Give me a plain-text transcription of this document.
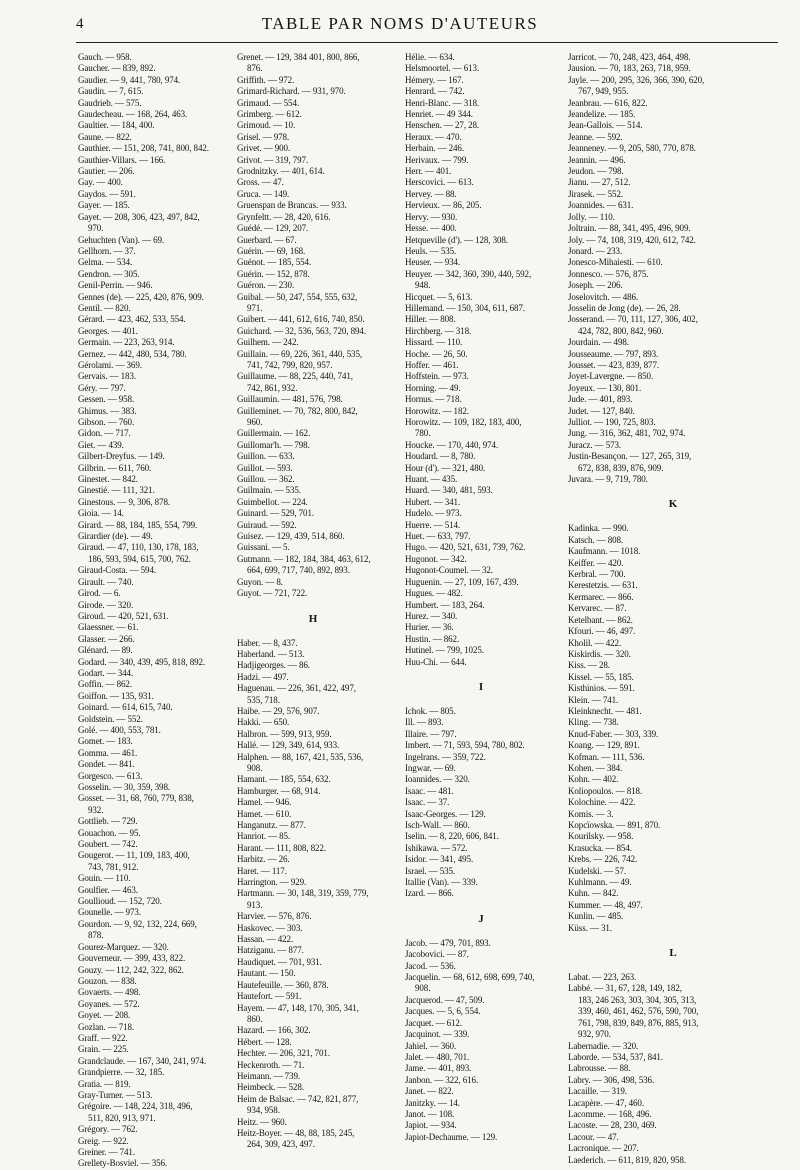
4	TABLE PAR NOMS D'AUTEURS
Gauch. — 958.
Gaucher. — 839, 892.
Gaudier. — 9, 441, 780, 974.
Gaudin. — 7, 615.
Gaudrieb. — 575.
Gaudecheau. — 168, 264, 463.
Gaultier. — 184, 400.
Gaune. — 822.
Gauthier. — 151, 208, 741, 800, 842.
Gauthier-Villars. — 166.
Gautier. — 206.
Gay. — 400.
Gaydos. — 591.
Gayer. — 185.
Gayet. — 208, 306, 423, 497, 842,
970.
Gehuchten (Van). — 69.
Gellhorn. — 37.
Gelma. — 534.
Gendron. — 305.
Genil-Perrin. — 946.
Gennes (de). — 225, 420, 876, 909.
Gentil. — 820.
Gérard. — 423, 462, 533, 554.
Georges. — 401.
Germain. — 223, 263, 914.
Gernez. — 442, 480, 534, 780.
Gérolami. — 369.
Gervais. — 183.
Géry. — 797.
Gessen. — 958.
Ghimus. — 383.
Gibson. — 760.
Gidon. — 717.
Giet. — 439.
Gilbert-Dreyfus. — 149.
Gilbrin. — 611, 760.
Ginestet. — 842.
Ginestié. — 111, 321.
Ginestous. — 9, 306, 878.
Gioia. — 14.
Girard. — 88, 184, 185, 554, 799.
Girardier (de). — 49.
Giraud. — 47, 110, 130, 178, 183,
186, 593, 594, 615, 700, 762.
Giraud-Costa. — 594.
Girault. — 740.
Girod. — 6.
Girode. — 320.
Giroud. — 420, 521, 631.
Glaessner. — 61.
Glasser. — 266.
Glénard. — 89.
Godard. — 340, 439, 495, 818, 892.
Godart. — 344.
Goffin. — 862.
Goiffon. — 135, 931.
Goinard. — 614, 615, 740.
Goldstein. — 552.
Golé. — 400, 553, 781.
Gomet. — 183.
Gomma. — 461.
Gondet. — 841.
Gorgesco. — 613.
Gosselin. — 30, 359, 398.
Gosset. — 31, 68, 760, 779, 838,
932.
Gottlieb. — 729.
Gouachon. — 95.
Goubert. — 742.
Gougerot. — 11, 109, 183, 400,
743, 781, 912.
Gouin. — 110.
Goulfier. — 463.
Goullioud. — 152, 720.
Gounelle. — 973.
Gourdon. — 9, 92, 132, 224, 669,
878.
Gourez-Marquez. — 320.
Gouverneur. — 399, 433, 822.
Gouzy. — 112, 242, 322, 862.
Gouzon. — 838.
Govaerts. — 498.
Goyanes. — 572.
Goyet. — 208.
Gozlan. — 718.
Graff. — 922.
Grain. — 225.
Grandclaude. — 167, 340, 241, 974.
Grandpierre. — 32, 185.
Gratia. — 819.
Gray-Turner. — 513.
Grégoire. — 148, 224, 318, 496,
511, 820, 913, 971.
Grégory. — 762.
Greig. — 922.
Greiner. — 741.
Grellety-Bosviel. — 356.
Grenet. — 129, 384 401, 800, 866,
876.
Griffith. — 972.
Grimard-Richard. — 931, 970.
Grimaud. — 554.
Grimberg. — 612.
Grimoud. — 10.
Grisel. — 978.
Grivet. — 900.
Grivot. — 319, 797.
Grodnitzky. — 401, 614.
Gross. — 47.
Gruca. — 149.
Gruenspan de Brancas. — 933.
Grynfeltt. — 28, 420, 616.
Guédé. — 129, 207.
Guerbard. — 67.
Guérin. — 69, 168.
Guénot. — 185, 554.
Guérin. — 152, 878.
Guéron. — 230.
Guibal. — 50, 247, 554, 555, 632,
971.
Guibert. — 441, 612, 616, 740, 850.
Guichard. — 32, 536, 563, 720, 894.
Guilhem. — 242.
Guillain. — 69, 226, 361, 440, 535,
741, 742, 799, 820, 957.
Guillaume. — 88, 225, 440, 741,
742, 861, 932.
Guillaumin. — 481, 576, 798.
Guilleminet. — 70, 782, 800, 842,
960.
Guillermain. — 162.
Guillomar'h. — 798.
Guillon. — 633.
Guillot. — 593.
Guillou. — 362.
Guilmain. — 535.
Guimbellot. — 224.
Guinard. — 529, 701.
Guiraud. — 592.
Guisez. — 129, 439, 514, 860.
Guissani. — 5.
Gutmann. — 182, 184, 384, 463, 612,
664, 699, 717, 740, 892, 893.
Guyon. — 8.
Guyot. — 721, 722.
H
Haber. — 8, 437.
Haberland. — 513.
Hadjigeorges. — 86.
Hadzi. — 497.
Haguenau. — 226, 361, 422, 497,
535, 718.
Haibe. — 29, 576, 907.
Hakki. — 650.
Halbron. — 599, 913, 959.
Hallé. — 129, 349, 614, 933.
Halphen. — 88, 167, 421, 535, 536,
908.
Hamant. — 185, 554, 632.
Hamburger. — 68, 914.
Hamel. — 946.
Hamet. — 610.
Hanganutz. — 877.
Hanriot. — 85.
Harant. — 111, 808, 822.
Harbitz. — 26.
Haret. — 117.
Harrington. — 929.
Hartmann. — 30, 148, 319, 359, 779,
913.
Harvier. — 576, 876.
Haskovec. — 303.
Hassan. — 422.
Hatziganu. — 877.
Haudiquet. — 701, 931.
Hautant. — 150.
Hautefeuille. — 360, 878.
Hautefort. — 591.
Hayem. — 47, 148, 170, 305, 341,
860.
Hazard. — 166, 302.
Hébert. — 128.
Hechter. — 206, 321, 701.
Heckenroth. — 71.
Heimann. — 739.
Heimbeck. — 528.
Heim de Balsac. — 742, 821, 877,
934, 958.
Heitz. — 960.
Heitz-Boyer. — 48, 88, 185, 245,
264, 309, 423, 497.
Hélie. — 634.
Helsmoortel. — 613.
Hémery. — 167.
Henrard. — 742.
Henri-Blanc. — 318.
Henriet. — 49 344.
Henschen. — 27, 28.
Heraux. — 470.
Herbain. — 246.
Herivaux. — 799.
Herr. — 401.
Herscovici. — 613.
Hervey. — 88.
Hervieux. — 86, 205.
Hervy. — 930.
Hesse. — 400.
Hetqueville (d'). — 128, 308.
Heuls. — 535.
Heuser. — 934.
Heuyer. — 342, 360, 390, 440, 592,
948.
Hicquet. — 5, 613.
Hillemand. — 150, 304, 611, 687.
Hiller. — 808.
Hirchberg. — 318.
Hissard. — 110.
Hoche. — 26, 50.
Hoffer. — 461.
Hoffstein. — 973.
Horning. — 49.
Hornus. — 718.
Horowitz. — 182.
Horowitz. — 109, 182, 183, 400,
780.
Houcke. — 170, 440, 974.
Houdard. — 8, 780.
Hour (d'). — 321, 480.
Huant. — 435.
Huard. — 340, 481, 593.
Hubert. — 341.
Hudelo. — 973.
Huerre. — 514.
Huet. — 633, 797.
Hugo. — 420, 521, 631, 739, 762.
Hugonot. — 342.
Hugonot-Coumel. — 32.
Huguenin. — 27, 109, 167, 439.
Hugues. — 482.
Humbert. — 183, 264.
Hurez. — 340.
Hurier. — 36.
Hustin. — 862.
Hutinel. — 799, 1025.
Huu-Chi. — 644.
I
Ichok. — 805.
Ill. — 893.
Illaire. — 797.
Imbert. — 71, 593, 594, 780, 802.
Ingelrans. — 359, 722.
Ingwar. — 69.
Ioannides. — 320.
Isaac. — 481.
Isaac. — 37.
Isaac-Georges. — 129.
Isch-Wall. — 860.
Iselin. — 8, 220, 606, 841.
Ishikawa. — 572.
Isidor. — 341, 495.
Israel. — 535.
Itallie (Van). — 339.
Izard. — 866.
J
Jacob. — 479, 701, 893.
Jacobovici. — 87.
Jacod. — 536.
Jacquelin. — 68, 612, 698, 699, 740,
908.
Jacquerod. — 47, 509.
Jacques. — 5, 6, 554.
Jacquet. — 612.
Jacquinot. — 339.
Jahiel. — 360.
Jalet. — 480, 701.
Jame. — 401, 893.
Janbon. — 322, 616.
Janet. — 822.
Janitzky. — 14.
Janot. — 108.
Japiot. — 934.
Japiot-Dechaume. — 129.
Jarricot. — 70, 248, 423, 464, 498.
Jausion. — 70, 183, 263, 718, 959.
Jayle. — 200, 295, 326, 366, 390, 620,
767, 949, 955.
Jeanbrau. — 616, 822.
Jeandelize. — 185.
Jean-Gallois. — 514.
Jeanne. — 592.
Jeanneney. — 9, 205, 580, 770, 878.
Jeannin. — 496.
Jeudon. — 798.
Jianu. — 27, 512.
Jirasek. — 552.
Joannides. — 631.
Jolly. — 110.
Joltrain. — 88, 341, 495, 496, 909.
Joly. — 74, 108, 319, 420, 612, 742.
Jonard. — 233.
Jonesco-Mihaiesti. — 610.
Jonnesco. — 576, 875.
Joseph. — 206.
Joselovitch. — 486.
Josselin de Jong (de). — 26, 28.
Josserand. — 70, 111, 127, 306, 402,
424, 782, 800, 842, 960.
Jourdain. — 498.
Jousseaume. — 797, 893.
Jousset. — 423, 839, 877.
Joyet-Lavergne. — 850.
Joyeux. — 130, 801.
Jude. — 401, 893.
Judet. — 127, 840.
Julliot. — 190, 725, 803.
Jung. — 316, 362, 481, 702, 974.
Juracz. — 573.
Justin-Besançon. — 127, 265, 319,
672, 838, 839, 876, 909.
Juvara. — 9, 719, 780.
K
Kadinka. — 990.
Katsch. — 808.
Kaufmann. — 1018.
Keiffer. — 420.
Kerbral. — 700.
Kerestetzis. — 631.
Kermarec. — 866.
Kervarec. — 87.
Ketelbant. — 862.
Kfouri. — 46, 497.
Kholil. — 422.
Kiskirdis. — 320.
Kiss. — 28.
Kissel. — 55, 185.
Kisthinios. — 591.
Klein. — 741.
Kleinknecht. — 481.
Kling. — 738.
Knud-Faber. — 303, 339.
Koang. — 129, 891.
Kofman. — 111, 536.
Kohen. — 384.
Kohn. — 402.
Koliopoulos. — 818.
Kolochine. — 422.
Komis. — 3.
Kopcïowska. — 891, 870.
Kourilsky. — 958.
Krasucka. — 854.
Krebs. — 226, 742.
Kudelski. — 57.
Kuhlmann. — 49.
Kuhn. — 842.
Kummer. — 48, 497.
Kunlin. — 485.
Küss. — 31.
L
Labat. — 223, 263.
Labbé. — 31, 67, 128, 149, 182,
183, 246 263, 303, 304, 305, 313,
339, 460, 461, 462, 576, 590, 700,
761, 798, 839, 849, 876, 885, 913,
932, 970.
Labernadie. — 320.
Laborde. — 534, 537, 841.
Labrousse. — 88.
Labry. — 306, 498, 536.
Lacaille. — 319.
Lacapère. — 47, 460.
Lacomme. — 168, 496.
Lacoste. — 28, 230, 469.
Lacour. — 47.
Lacronique. — 207.
Laederich. — 611, 819, 820, 958.
